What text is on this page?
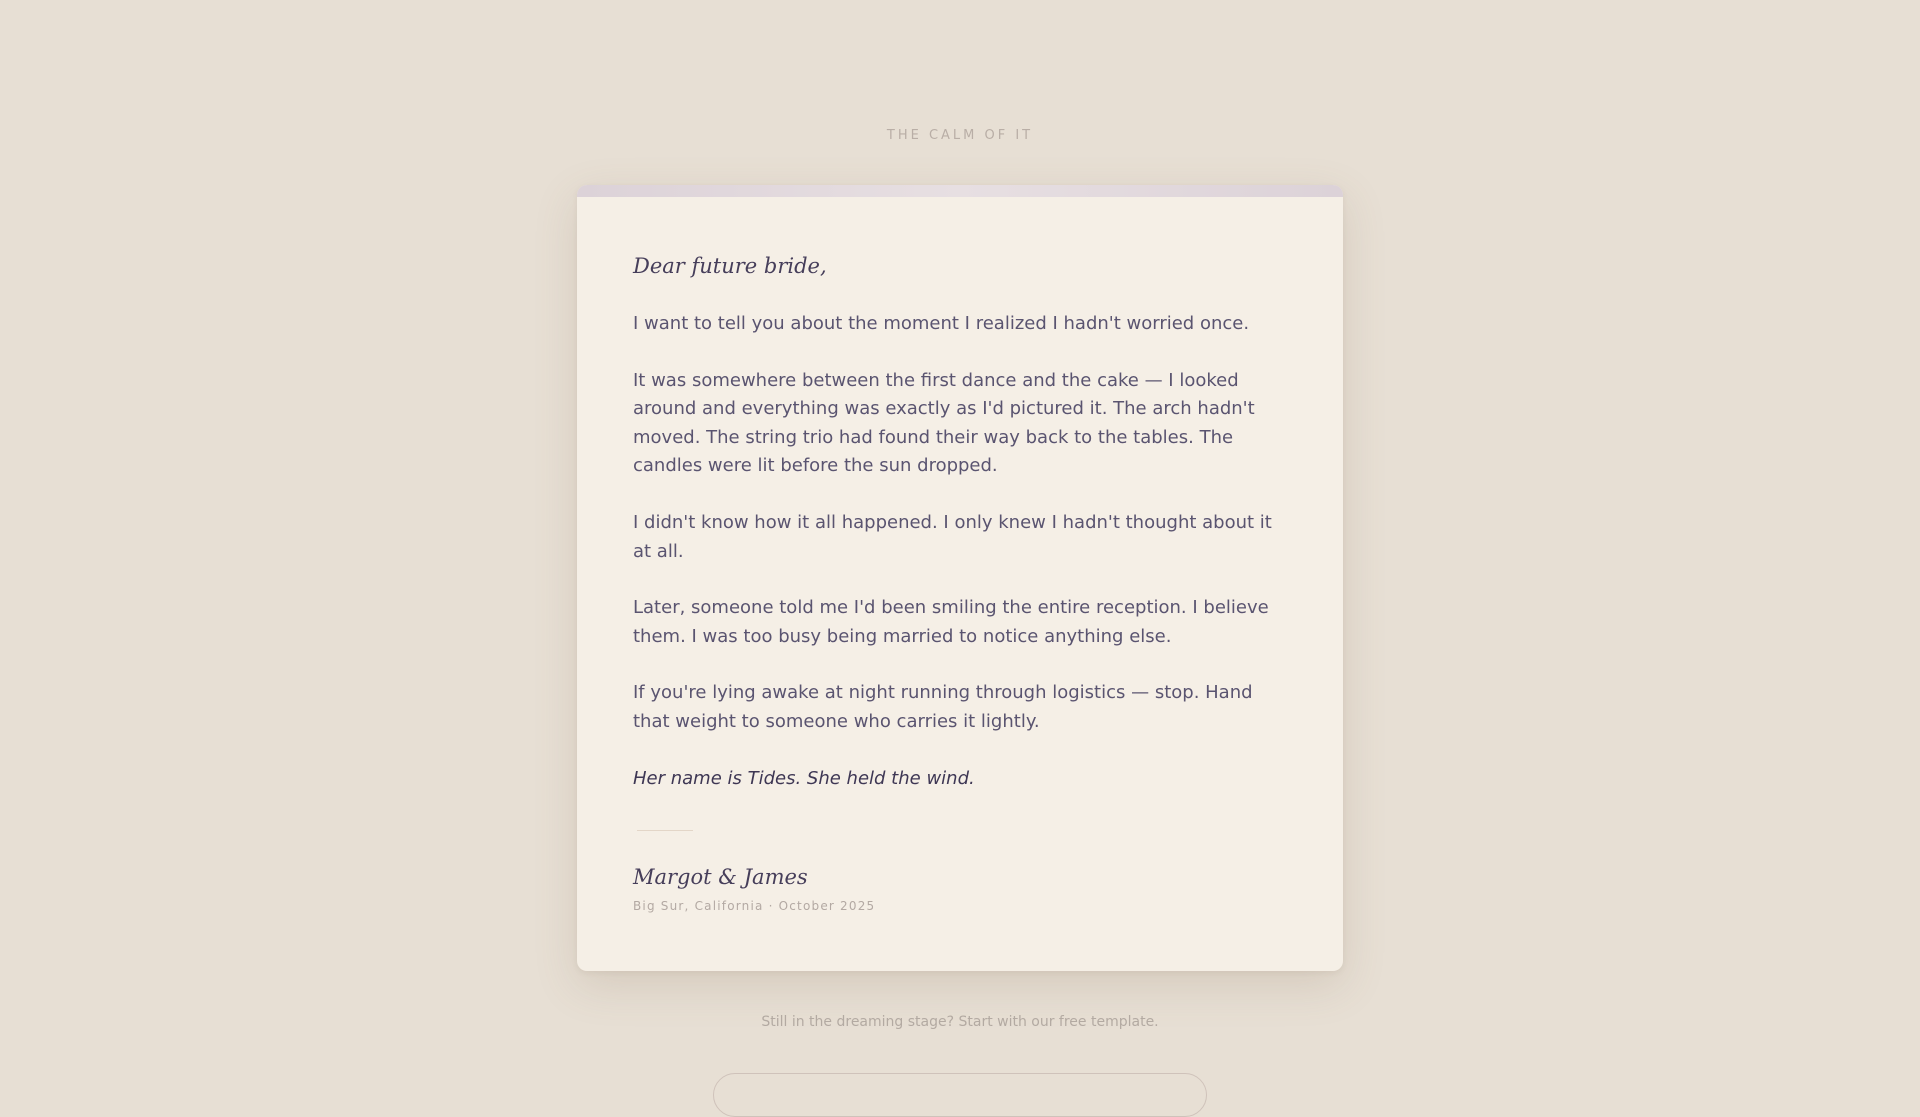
THE CALM OF IT

Dear future bride,

I want to tell you about the moment I realized I hadn't worried once.

It was somewhere between the first dance and the cake — I looked around and everything was exactly as I'd pictured it. The arch hadn't moved. The string trio had found their way back to the tables. The candles were lit before the sun dropped.

I didn't know how it all happened. I only knew I hadn't thought about it at all.

Later, someone told me I'd been smiling the entire reception. I believe them. I was too busy being married to notice anything else.

If you're lying awake at night running through logistics — stop. Hand that weight to someone who carries it lightly.

Her name is Tides. She held the wind.

Margot & James
Big Sur, California · October 2025
Still in the dreaming stage? Start with our free template.
